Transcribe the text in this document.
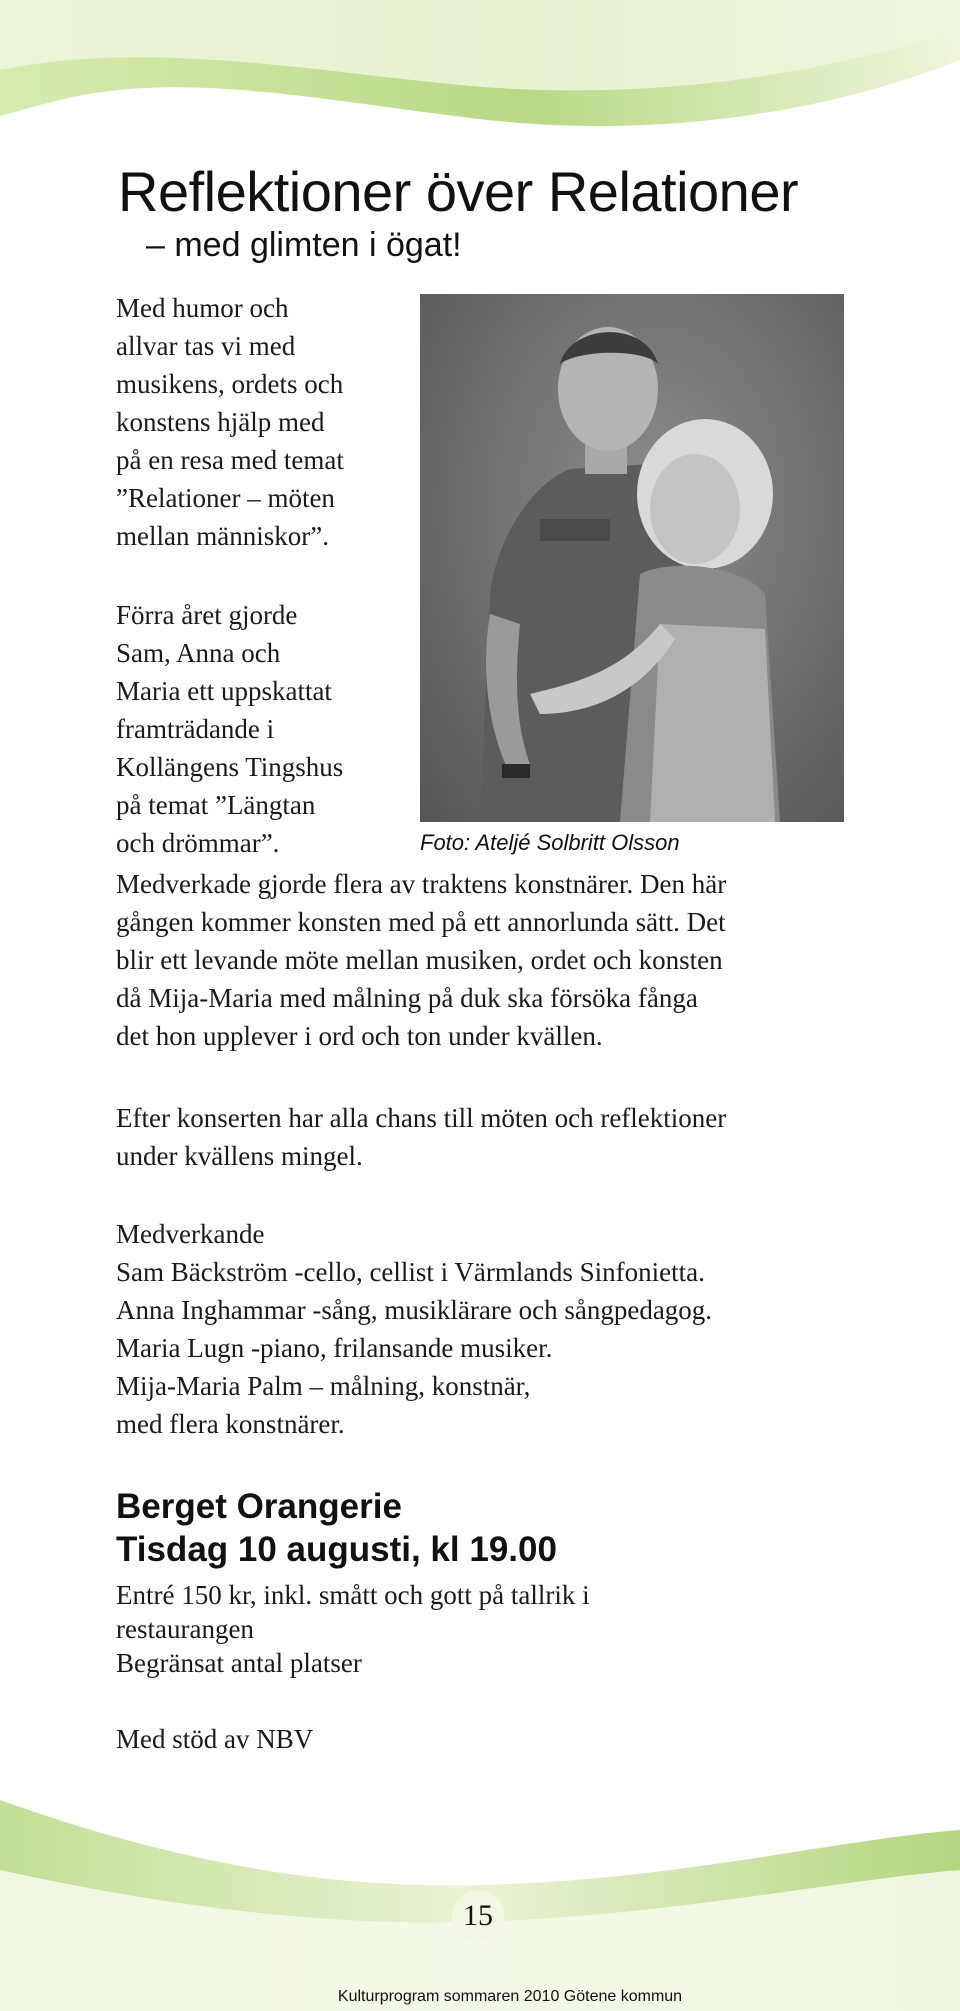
Reflektioner över Relationer

– med glimten i ögat!

Med humor och
allvar tas vi med
musikens, ordets och
konstens hjälp med
på en resa med temat
”Relationer – möten
mellan människor”.
Foto: Ateljé Solbritt Olsson
Förra året gjorde
Sam, Anna och
Maria ett uppskattat
framträdande i
Kollängens Tingshus
på temat ”Längtan
och drömmar”.
Medverkade gjorde flera av traktens konstnärer. Den här
gången kommer konsten med på ett annorlunda sätt. Det
blir ett levande möte mellan musiken, ordet och konsten
då Mija-Maria med målning på duk ska försöka fånga
det hon upplever i ord och ton under kvällen.
Efter konserten har alla chans till möten och reflektioner
under kvällens mingel.
Medverkande
Sam Bäckström -cello, cellist i Värmlands Sinfonietta.
Anna Inghammar -sång, musiklärare och sångpedagog.
Maria Lugn -piano, frilansande musiker.
Mija-Maria Palm – målning, konstnär,
med flera konstnärer.
Berget Orangerie
Tisdag 10 augusti, kl 19.00
Entré 150 kr, inkl. smått och gott på tallrik i
restaurangen
Begränsat antal platser

Med stöd av NBV

15
Kulturprogram sommaren 2010 Götene kommun
